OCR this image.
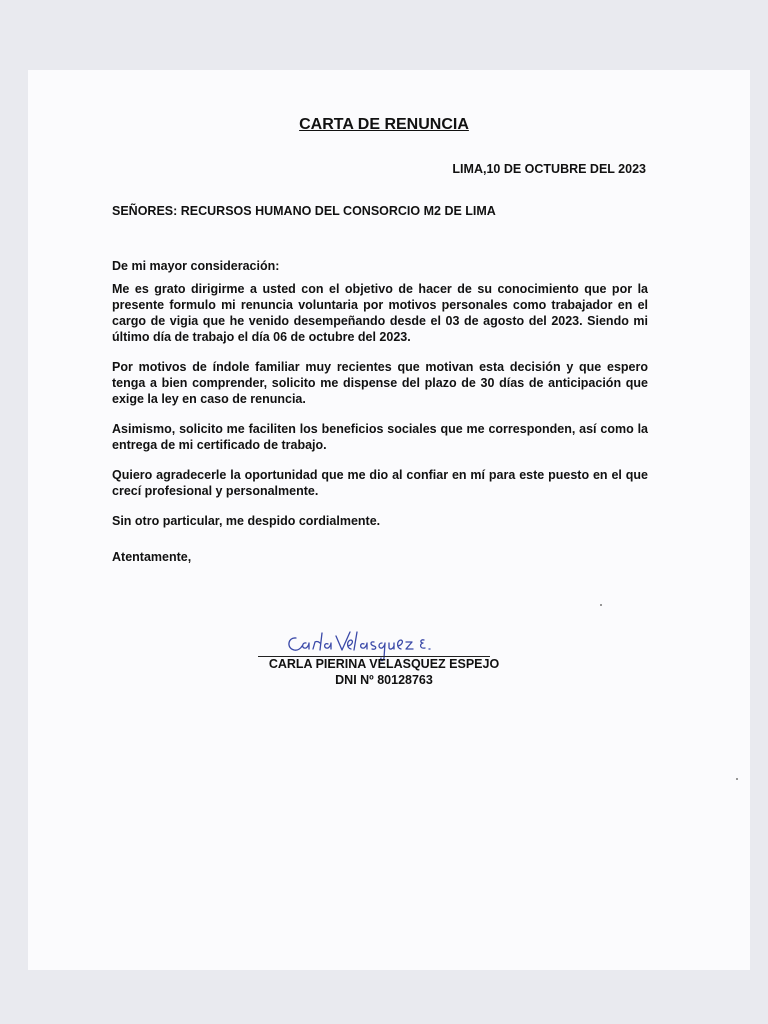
CARTA DE RENUNCIA
LIMA,10 DE OCTUBRE DEL 2023
SEÑORES: RECURSOS HUMANO DEL CONSORCIO M2 DE LIMA
De mi mayor consideración:

Me es grato dirigirme a usted con el objetivo de hacer de su conocimiento que por la presente formulo mi renuncia voluntaria por motivos personales como trabajador en el cargo de vigia que he venido desempeñando desde el 03 de agosto del 2023. Siendo mi último día de trabajo el día 06 de octubre del 2023.

Por motivos de índole familiar muy recientes que motivan esta decisión y que espero tenga a bien comprender, solicito me dispense del plazo de 30 días de anticipación que exige la ley en caso de renuncia.

Asimismo, solicito me faciliten los beneficios sociales que me corresponden, así como la entrega de mi certificado de trabajo.

Quiero agradecerle la oportunidad que me dio al confiar en mí para este puesto en el que crecí profesional y personalmente.

Sin otro particular, me despido cordialmente.

Atentamente,
CARLA PIERINA VELASQUEZ ESPEJO
DNI Nº 80128763
